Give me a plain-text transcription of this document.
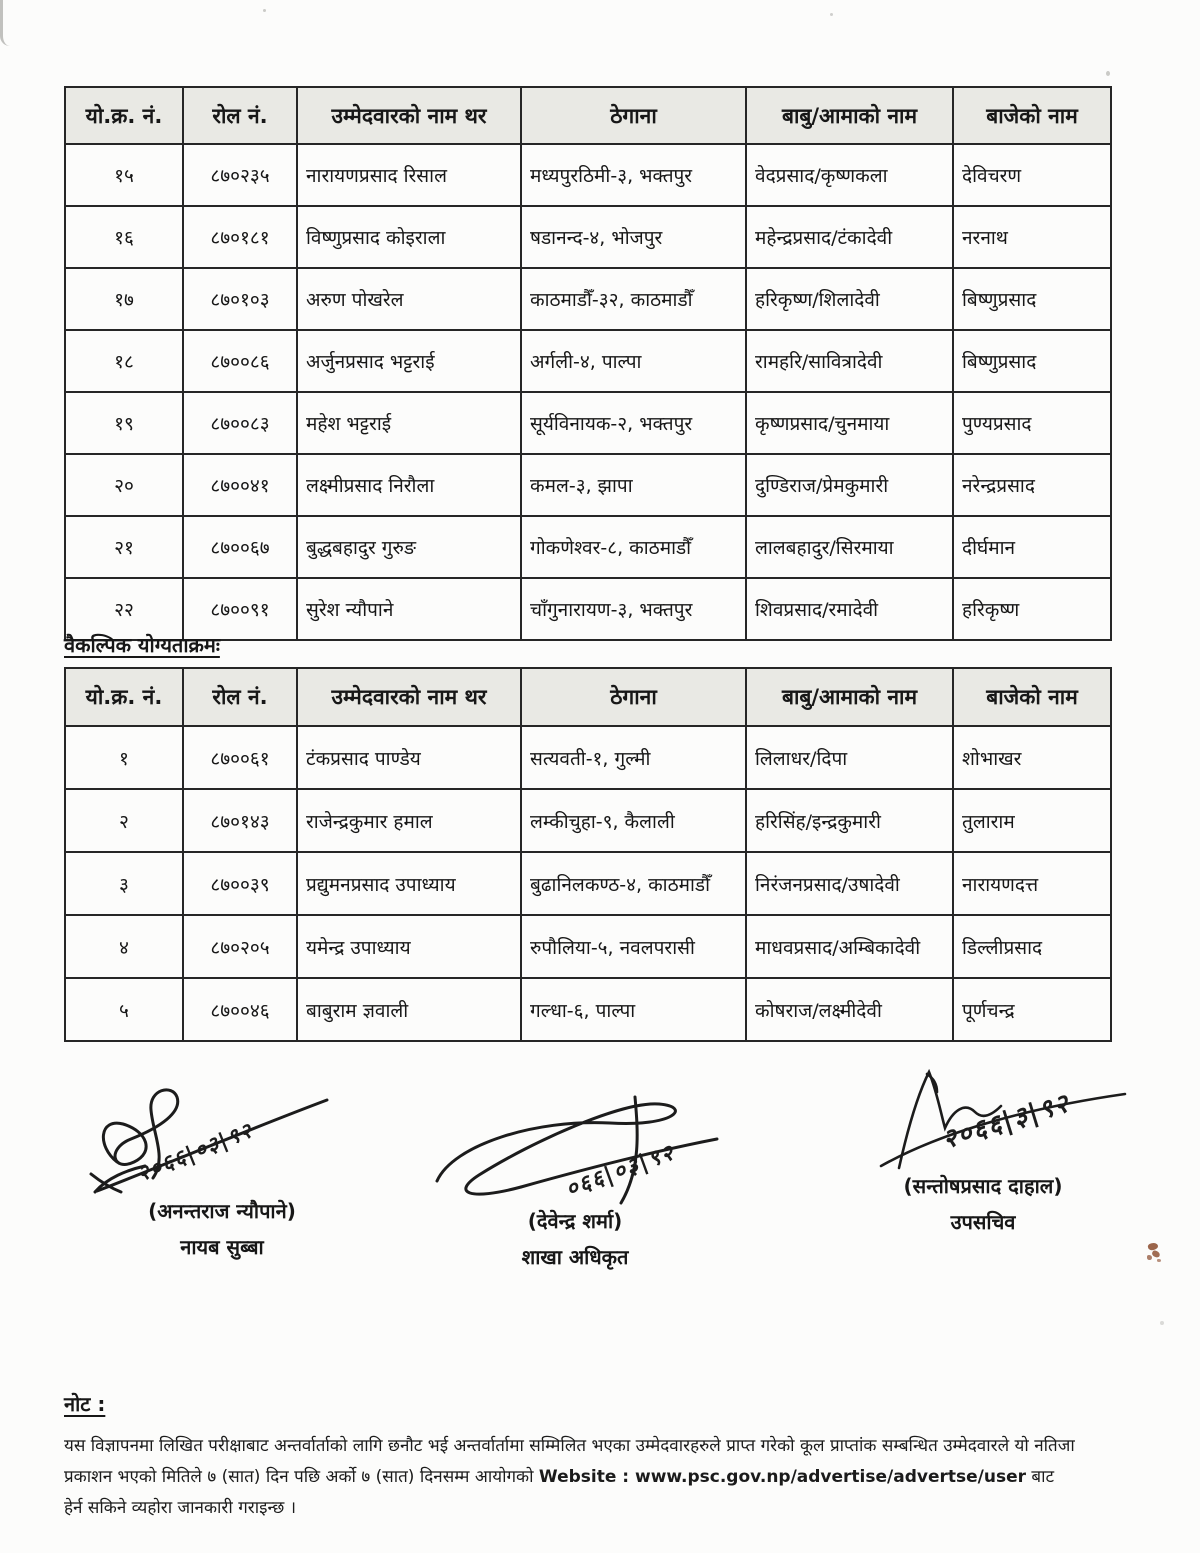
यो.क्र. नं.	रोल नं.	उम्मेदवारको नाम थर	ठेगाना	बाबु/आमाको नाम	बाजेको नाम
१५	८७०२३५	नारायणप्रसाद रिसाल	मध्यपुरठिमी-३, भक्तपुर	वेदप्रसाद/कृष्णकला	देविचरण
१६	८७०१८१	विष्णुप्रसाद कोइराला	षडानन्द-४, भोजपुर	महेन्द्रप्रसाद/टंकादेवी	नरनाथ
१७	८७०१०३	अरुण पोखरेल	काठमाडौँ-३२, काठमाडौँ	हरिकृष्ण/शिलादेवी	बिष्णुप्रसाद
१८	८७००८६	अर्जुनप्रसाद भट्टराई	अर्गली-४, पाल्पा	रामहरि/सावित्रादेवी	बिष्णुप्रसाद
१९	८७००८३	महेश भट्टराई	सूर्यविनायक-२, भक्तपुर	कृष्णप्रसाद/चुनमाया	पुण्यप्रसाद
२०	८७००४१	लक्ष्मीप्रसाद निरौला	कमल-३, झापा	दुण्डिराज/प्रेमकुमारी	नरेन्द्रप्रसाद
२१	८७००६७	बुद्धबहादुर गुरुङ	गोकणेश्वर-८, काठमाडौँ	लालबहादुर/सिरमाया	दीर्घमान
२२	८७००९१	सुरेश न्यौपाने	चाँगुनारायण-३, भक्तपुर	शिवप्रसाद/रमादेवी	हरिकृष्ण
वैकल्पिक योग्यताक्रमः
यो.क्र. नं.	रोल नं.	उम्मेदवारको नाम थर	ठेगाना	बाबु/आमाको नाम	बाजेको नाम
१	८७००६१	टंकप्रसाद पाण्डेय	सत्यवती-१, गुल्मी	लिलाधर/दिपा	शोभाखर
२	८७०१४३	राजेन्द्रकुमार हमाल	लम्कीचुहा-९, कैलाली	हरिसिंह/इन्द्रकुमारी	तुलाराम
३	८७००३९	प्रद्युमनप्रसाद उपाध्याय	बुढानिलकण्ठ-४, काठमाडौँ	निरंजनप्रसाद/उषादेवी	नारायणदत्त
४	८७०२०५	यमेन्द्र उपाध्याय	रुपौलिया-५, नवलपरासी	माधवप्रसाद/अम्बिकादेवी	डिल्लीप्रसाद
५	८७००४६	बाबुराम ज्ञवाली	गल्धा-६, पाल्पा	कोषराज/लक्ष्मीदेवी	पूर्णचन्द्र
२०६६|०३|९२
(अनन्तराज न्यौपाने)
नायब सुब्बा
०६६|०३|९२
(देवेन्द्र शर्मा)
शाखा अधिकृत
२०६६|३|९२
(सन्तोषप्रसाद दाहाल)
उपसचिव
नोट :

यस विज्ञापनमा लिखित परीक्षाबाट अन्तर्वार्ताको लागि छनौट भई अन्तर्वार्तामा सम्मिलित भएका उम्मेदवारहरुले प्राप्त गरेको कूल प्राप्तांक सम्बन्धित उम्मेदवारले यो नतिजा प्रकाशन भएको मितिले ७ (सात) दिन पछि अर्को ७ (सात) दिनसम्म आयोगको Website : www.psc.gov.np/advertise/advertse/user बाट हेर्न सकिने व्यहोरा जानकारी गराइन्छ ।
